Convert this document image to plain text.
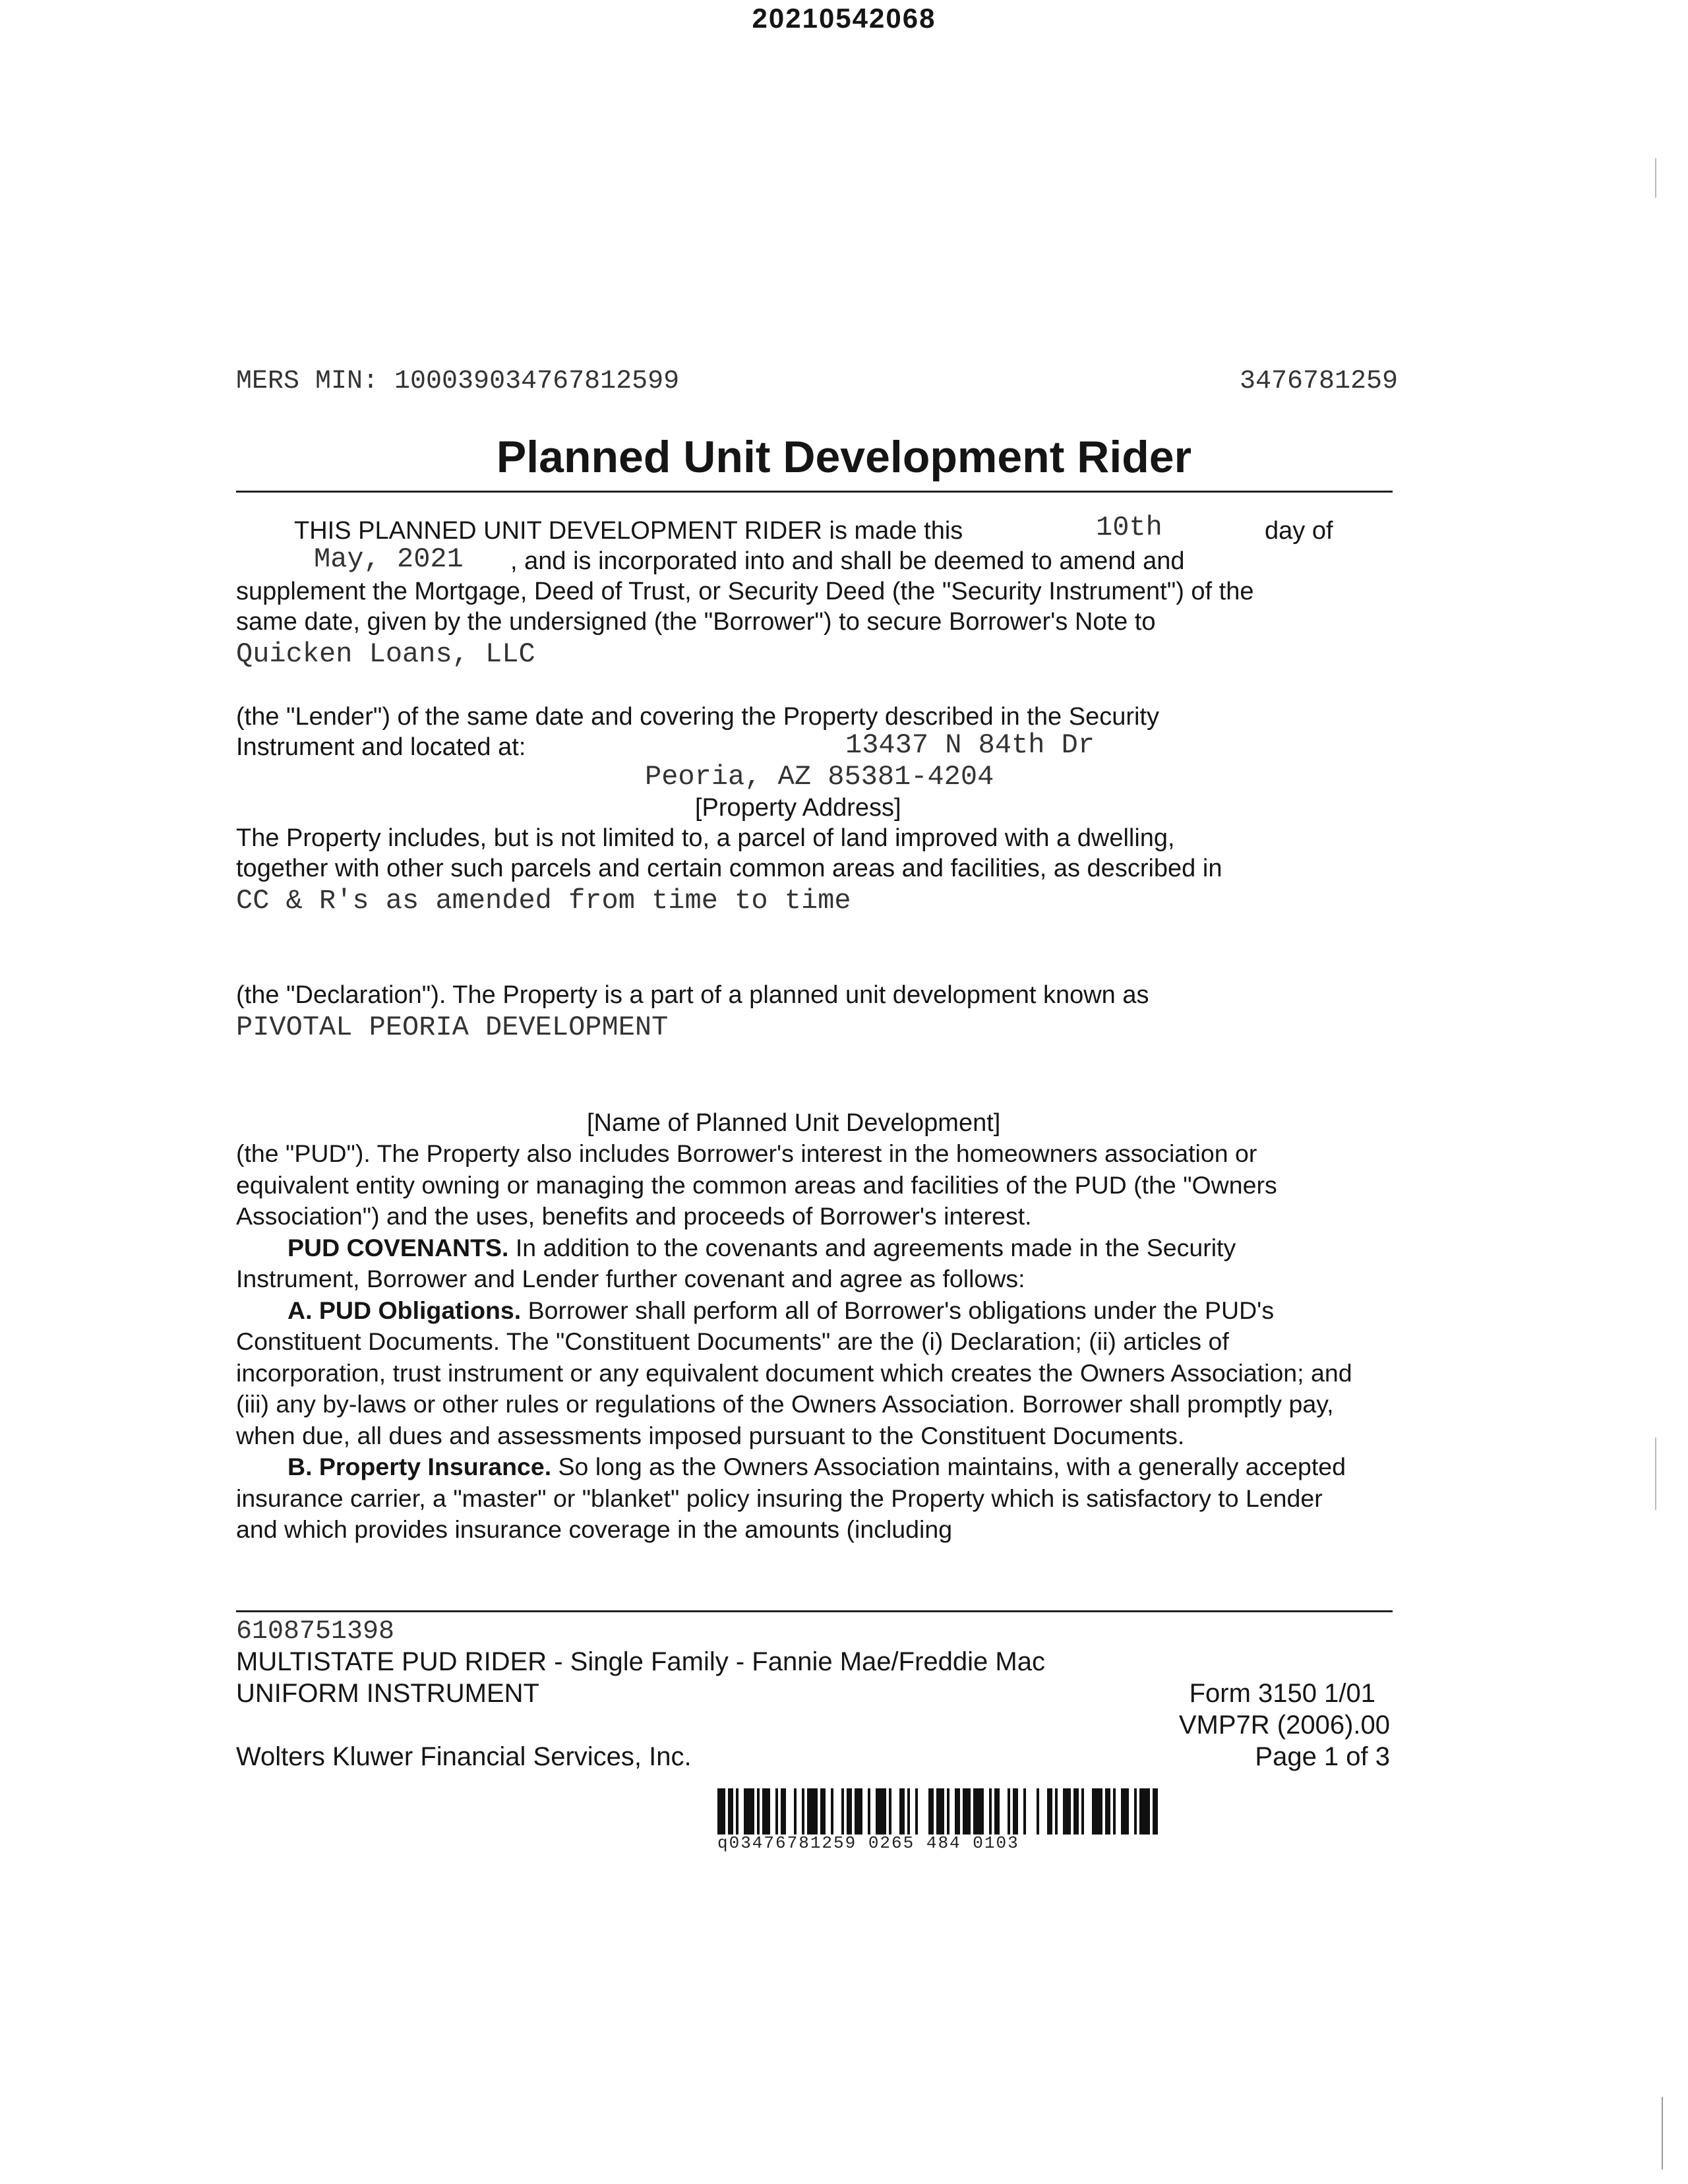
20210542068
MERS MIN: 100039034767812599	3476781259
Planned Unit Development Rider
THIS PLANNED UNIT DEVELOPMENT RIDER is made this	10th	day of
May, 2021 , and is incorporated into and shall be deemed to amend and
supplement the Mortgage, Deed of Trust, or Security Deed (the "Security Instrument") of the
same date, given by the undersigned (the "Borrower") to secure Borrower's Note to
Quicken Loans, LLC
(the "Lender") of the same date and covering the Property described in the Security
Instrument and located at:	13437 N 84th Dr
Peoria, AZ 85381-4204
[Property Address]
The Property includes, but is not limited to, a parcel of land improved with a dwelling,
together with other such parcels and certain common areas and facilities, as described in
CC & R's as amended from time to time
(the "Declaration"). The Property is a part of a planned unit development known as
PIVOTAL PEORIA DEVELOPMENT
[Name of Planned Unit Development]

(the "PUD"). The Property also includes Borrower's interest in the homeowners association or equivalent entity owning or managing the common areas and facilities of the PUD (the "Owners Association") and the uses, benefits and proceeds of Borrower's interest.

PUD COVENANTS. In addition to the covenants and agreements made in the Security Instrument, Borrower and Lender further covenant and agree as follows:

A. PUD Obligations. Borrower shall perform all of Borrower's obligations under the PUD's Constituent Documents. The "Constituent Documents" are the (i) Declaration; (ii) articles of incorporation, trust instrument or any equivalent document which creates the Owners Association; and (iii) any by-laws or other rules or regulations of the Owners Association. Borrower shall promptly pay, when due, all dues and assessments imposed pursuant to the Constituent Documents.

B. Property Insurance. So long as the Owners Association maintains, with a generally accepted insurance carrier, a "master" or "blanket" policy insuring the Property which is satisfactory to Lender and which provides insurance coverage in the amounts (including

6108751398
MULTISTATE PUD RIDER - Single Family - Fannie Mae/Freddie Mac
UNIFORM INSTRUMENT	Form 3150 1/01
VMP7R (2006).00
Wolters Kluwer Financial Services, Inc.	Page 1 of 3
q03476781259 0265 484 0103
